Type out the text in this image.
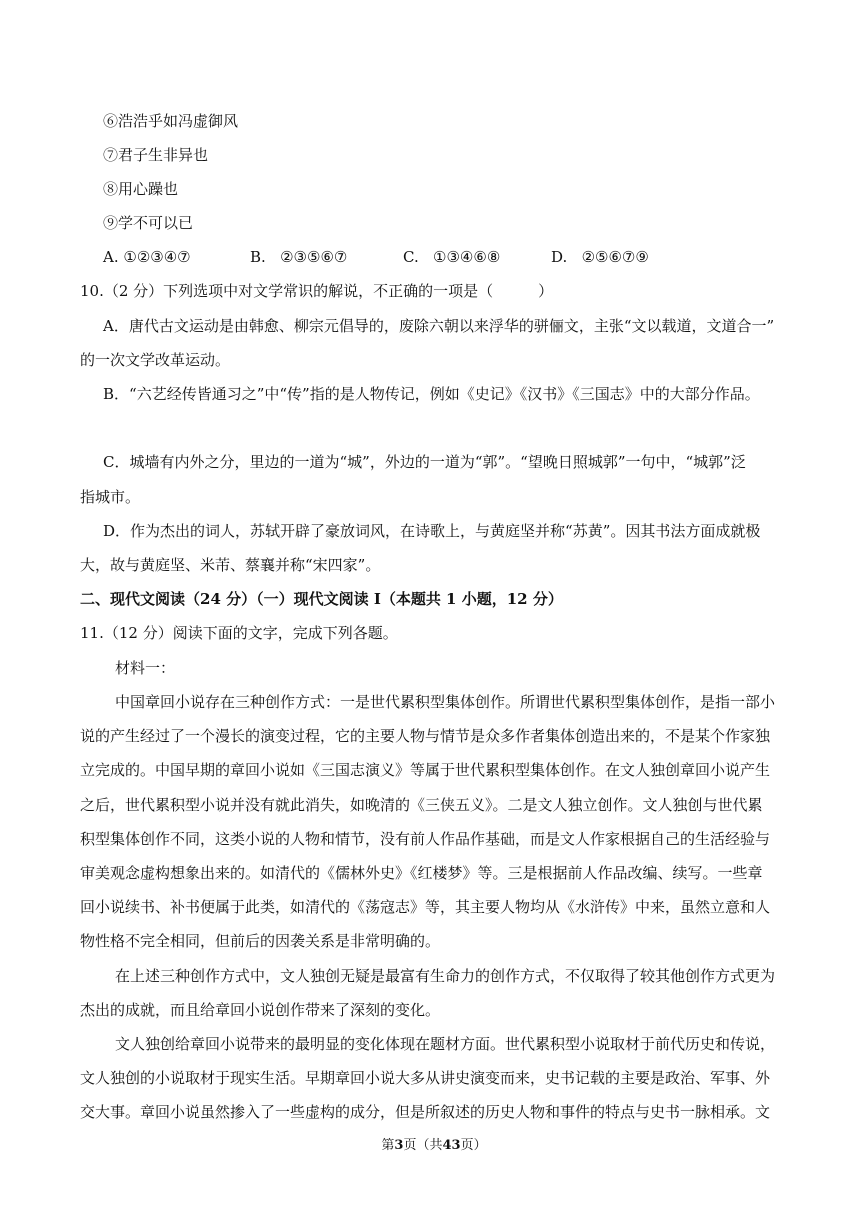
⑥浩浩乎如冯虚御风
⑦君子生非异也
⑧用心躁也
⑨学不可以已
A. ①②③④⑦	B. ②③⑤⑥⑦	C. ①③④⑥⑧	D. ②⑤⑥⑦⑨
10.（2 分）下列选项中对文学常识的解说，不正确的一项是（　　　）
A．唐代古文运动是由韩愈、柳宗元倡导的，废除六朝以来浮华的骈俪文，主张“文以载道，文道合一”
的一次文学改革运动。
B．“六艺经传皆通习之”中“传”指的是人物传记，例如《史记》《汉书》《三国志》中的大部分作品。
C．城墙有内外之分，里边的一道为“城”，外边的一道为“郭”。“望晚日照城郭”一句中，“城郭”泛
指城市。
D．作为杰出的词人，苏轼开辟了豪放词风，在诗歌上，与黄庭坚并称“苏黄”。因其书法方面成就极
大，故与黄庭坚、米芾、蔡襄并称“宋四家”。
二、现代文阅读（24 分）（一）现代文阅读 I（本题共 1 小题，12 分）
11.（12 分）阅读下面的文字，完成下列各题。
材料一：
中国章回小说存在三种创作方式：一是世代累积型集体创作。所谓世代累积型集体创作，是指一部小
说的产生经过了一个漫长的演变过程，它的主要人物与情节是众多作者集体创造出来的，不是某个作家独
立完成的。中国早期的章回小说如《三国志演义》等属于世代累积型集体创作。在文人独创章回小说产生
之后，世代累积型小说并没有就此消失，如晚清的《三侠五义》。二是文人独立创作。文人独创与世代累
积型集体创作不同，这类小说的人物和情节，没有前人作品作基础，而是文人作家根据自己的生活经验与
审美观念虚构想象出来的。如清代的《儒林外史》《红楼梦》等。三是根据前人作品改编、续写。一些章
回小说续书、补书便属于此类，如清代的《荡寇志》等，其主要人物均从《水浒传》中来，虽然立意和人
物性格不完全相同，但前后的因袭关系是非常明确的。
在上述三种创作方式中，文人独创无疑是最富有生命力的创作方式，不仅取得了较其他创作方式更为
杰出的成就，而且给章回小说创作带来了深刻的变化。
文人独创给章回小说带来的最明显的变化体现在题材方面。世代累积型小说取材于前代历史和传说，
文人独创的小说取材于现实生活。早期章回小说大多从讲史演变而来，史书记载的主要是政治、军事、外
交大事。章回小说虽然掺入了一些虚构的成分，但是所叙述的历史人物和事件的特点与史书一脉相承。文
第3页（共43页）
